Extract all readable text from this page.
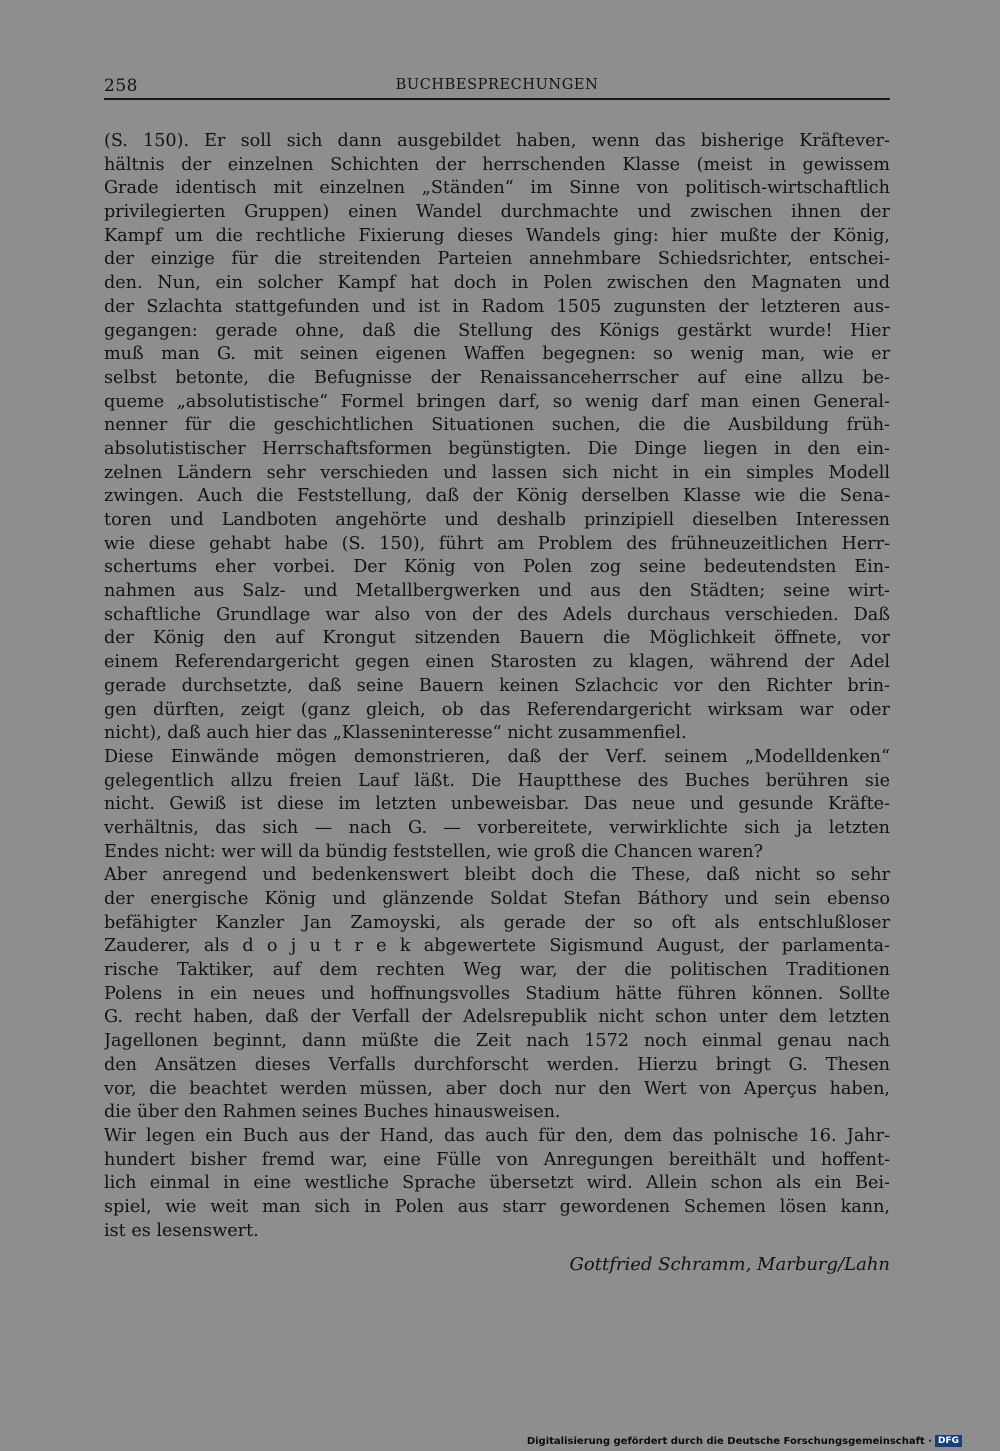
258	BUCHBESPRECHUNGEN
(S. 150). Er soll sich dann ausgebildet haben, wenn das bisherige Kräftever-
hältnis der einzelnen Schichten der herrschenden Klasse (meist in gewissem
Grade identisch mit einzelnen „Ständen“ im Sinne von politisch-wirtschaftlich
privilegierten Gruppen) einen Wandel durchmachte und zwischen ihnen der
Kampf um die rechtliche Fixierung dieses Wandels ging: hier mußte der König,
der einzige für die streitenden Parteien annehmbare Schiedsrichter, entschei-
den. Nun, ein solcher Kampf hat doch in Polen zwischen den Magnaten und
der Szlachta stattgefunden und ist in Radom 1505 zugunsten der letzteren aus-
gegangen: gerade ohne, daß die Stellung des Königs gestärkt wurde! Hier
muß man G. mit seinen eigenen Waffen begegnen: so wenig man, wie er
selbst betonte, die Befugnisse der Renaissanceherrscher auf eine allzu be-
queme „absolutistische“ Formel bringen darf, so wenig darf man einen General-
nenner für die geschichtlichen Situationen suchen, die die Ausbildung früh-
absolutistischer Herrschaftsformen begünstigten. Die Dinge liegen in den ein-
zelnen Ländern sehr verschieden und lassen sich nicht in ein simples Modell
zwingen. Auch die Feststellung, daß der König derselben Klasse wie die Sena-
toren und Landboten angehörte und deshalb prinzipiell dieselben Interessen
wie diese gehabt habe (S. 150), führt am Problem des frühneuzeitlichen Herr-
schertums eher vorbei. Der König von Polen zog seine bedeutendsten Ein-
nahmen aus Salz- und Metallbergwerken und aus den Städten; seine wirt-
schaftliche Grundlage war also von der des Adels durchaus verschieden. Daß
der König den auf Krongut sitzenden Bauern die Möglichkeit öffnete, vor
einem Referendargericht gegen einen Starosten zu klagen, während der Adel
gerade durchsetzte, daß seine Bauern keinen Szlachcic vor den Richter brin-
gen dürften, zeigt (ganz gleich, ob das Referendargericht wirksam war oder
nicht), daß auch hier das „Klasseninteresse“ nicht zusammenfiel.
Diese Einwände mögen demonstrieren, daß der Verf. seinem „Modelldenken“
gelegentlich allzu freien Lauf läßt. Die Hauptthese des Buches berühren sie
nicht. Gewiß ist diese im letzten unbeweisbar. Das neue und gesunde Kräfte-
verhältnis, das sich — nach G. — vorbereitete, verwirklichte sich ja letzten
Endes nicht: wer will da bündig feststellen, wie groß die Chancen waren?
Aber anregend und bedenkenswert bleibt doch die These, daß nicht so sehr
der energische König und glänzende Soldat Stefan Báthory und sein ebenso
befähigter Kanzler Jan Zamoyski, als gerade der so oft als entschlußloser
Zauderer, als d o j u t r e k abgewertete Sigismund August, der parlamenta-
rische Taktiker, auf dem rechten Weg war, der die politischen Traditionen
Polens in ein neues und hoffnungsvolles Stadium hätte führen können. Sollte
G. recht haben, daß der Verfall der Adelsrepublik nicht schon unter dem letzten
Jagellonen beginnt, dann müßte die Zeit nach 1572 noch einmal genau nach
den Ansätzen dieses Verfalls durchforscht werden. Hierzu bringt G. Thesen
vor, die beachtet werden müssen, aber doch nur den Wert von Aperçus haben,
die über den Rahmen seines Buches hinausweisen.
Wir legen ein Buch aus der Hand, das auch für den, dem das polnische 16. Jahr-
hundert bisher fremd war, eine Fülle von Anregungen bereithält und hoffent-
lich einmal in eine westliche Sprache übersetzt wird. Allein schon als ein Bei-
spiel, wie weit man sich in Polen aus starr gewordenen Schemen lösen kann,
ist es lesenswert.
Gottfried Schramm, Marburg/Lahn
Digitalisierung gefördert durch die Deutsche Forschungsgemeinschaft · DFG
